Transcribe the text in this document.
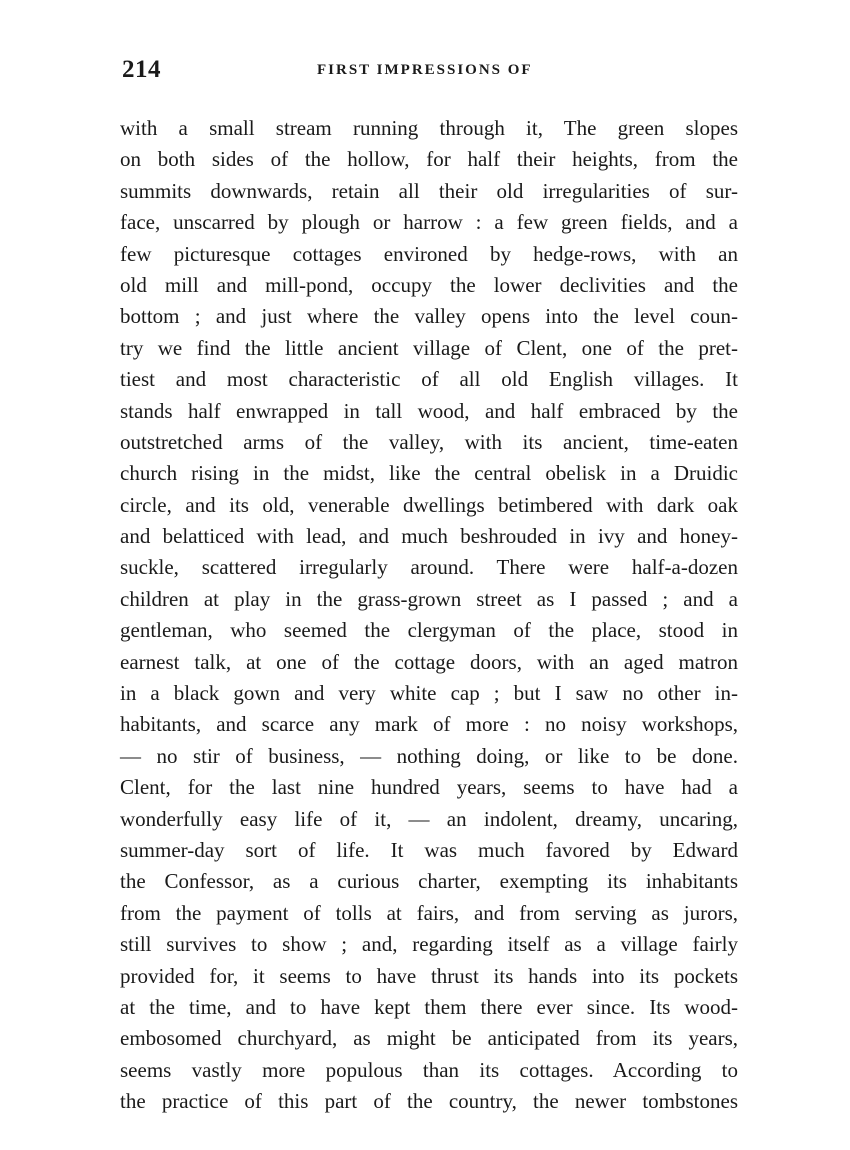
214	FIRST IMPRESSIONS OF
with a small stream running through it, The green slopes
on both sides of the hollow, for half their heights, from the
summits downwards, retain all their old irregularities of sur-
face, unscarred by plough or harrow : a few green fields, and a
few picturesque cottages environed by hedge-rows, with an
old mill and mill-pond, occupy the lower declivities and the
bottom ; and just where the valley opens into the level coun-
try we find the little ancient village of Clent, one of the pret-
tiest and most characteristic of all old English villages. It
stands half enwrapped in tall wood, and half embraced by the
outstretched arms of the valley, with its ancient, time-eaten
church rising in the midst, like the central obelisk in a Druidic
circle, and its old, venerable dwellings betimbered with dark oak
and belatticed with lead, and much beshrouded in ivy and honey-
suckle, scattered irregularly around. There were half-a-dozen
children at play in the grass-grown street as I passed ; and a
gentleman, who seemed the clergyman of the place, stood in
earnest talk, at one of the cottage doors, with an aged matron
in a black gown and very white cap ; but I saw no other in-
habitants, and scarce any mark of more : no noisy workshops,
— no stir of business, — nothing doing, or like to be done.
Clent, for the last nine hundred years, seems to have had a
wonderfully easy life of it, — an indolent, dreamy, uncaring,
summer-day sort of life. It was much favored by Edward
the Confessor, as a curious charter, exempting its inhabitants
from the payment of tolls at fairs, and from serving as jurors,
still survives to show ; and, regarding itself as a village fairly
provided for, it seems to have thrust its hands into its pockets
at the time, and to have kept them there ever since. Its wood-
embosomed churchyard, as might be anticipated from its years,
seems vastly more populous than its cottages. According to
the practice of this part of the country, the newer tombstones
